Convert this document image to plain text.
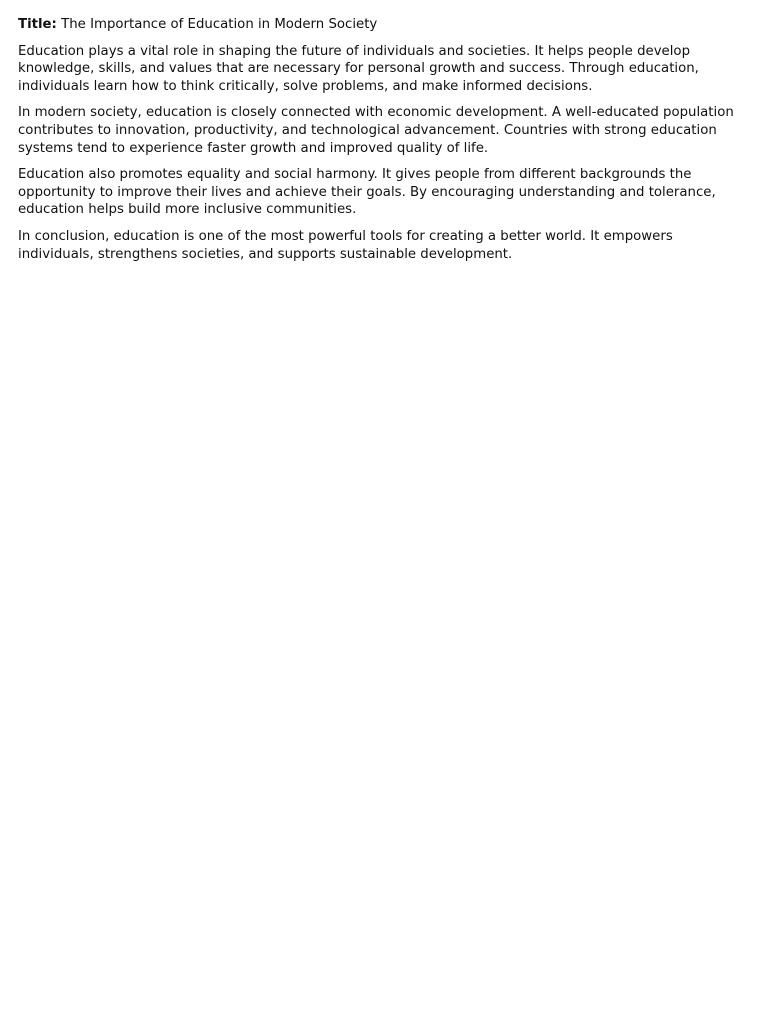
Title: The Importance of Education in Modern Society

Education plays a vital role in shaping the future of individuals and societies. It helps people develop knowledge, skills, and values that are necessary for personal growth and success. Through education, individuals learn how to think critically, solve problems, and make informed decisions.

In modern society, education is closely connected with economic development. A well-educated population contributes to innovation, productivity, and technological advancement. Countries with strong education systems tend to experience faster growth and improved quality of life.

Education also promotes equality and social harmony. It gives people from different backgrounds the opportunity to improve their lives and achieve their goals. By encouraging understanding and tolerance, education helps build more inclusive communities.

In conclusion, education is one of the most powerful tools for creating a better world. It empowers individuals, strengthens societies, and supports sustainable development.
